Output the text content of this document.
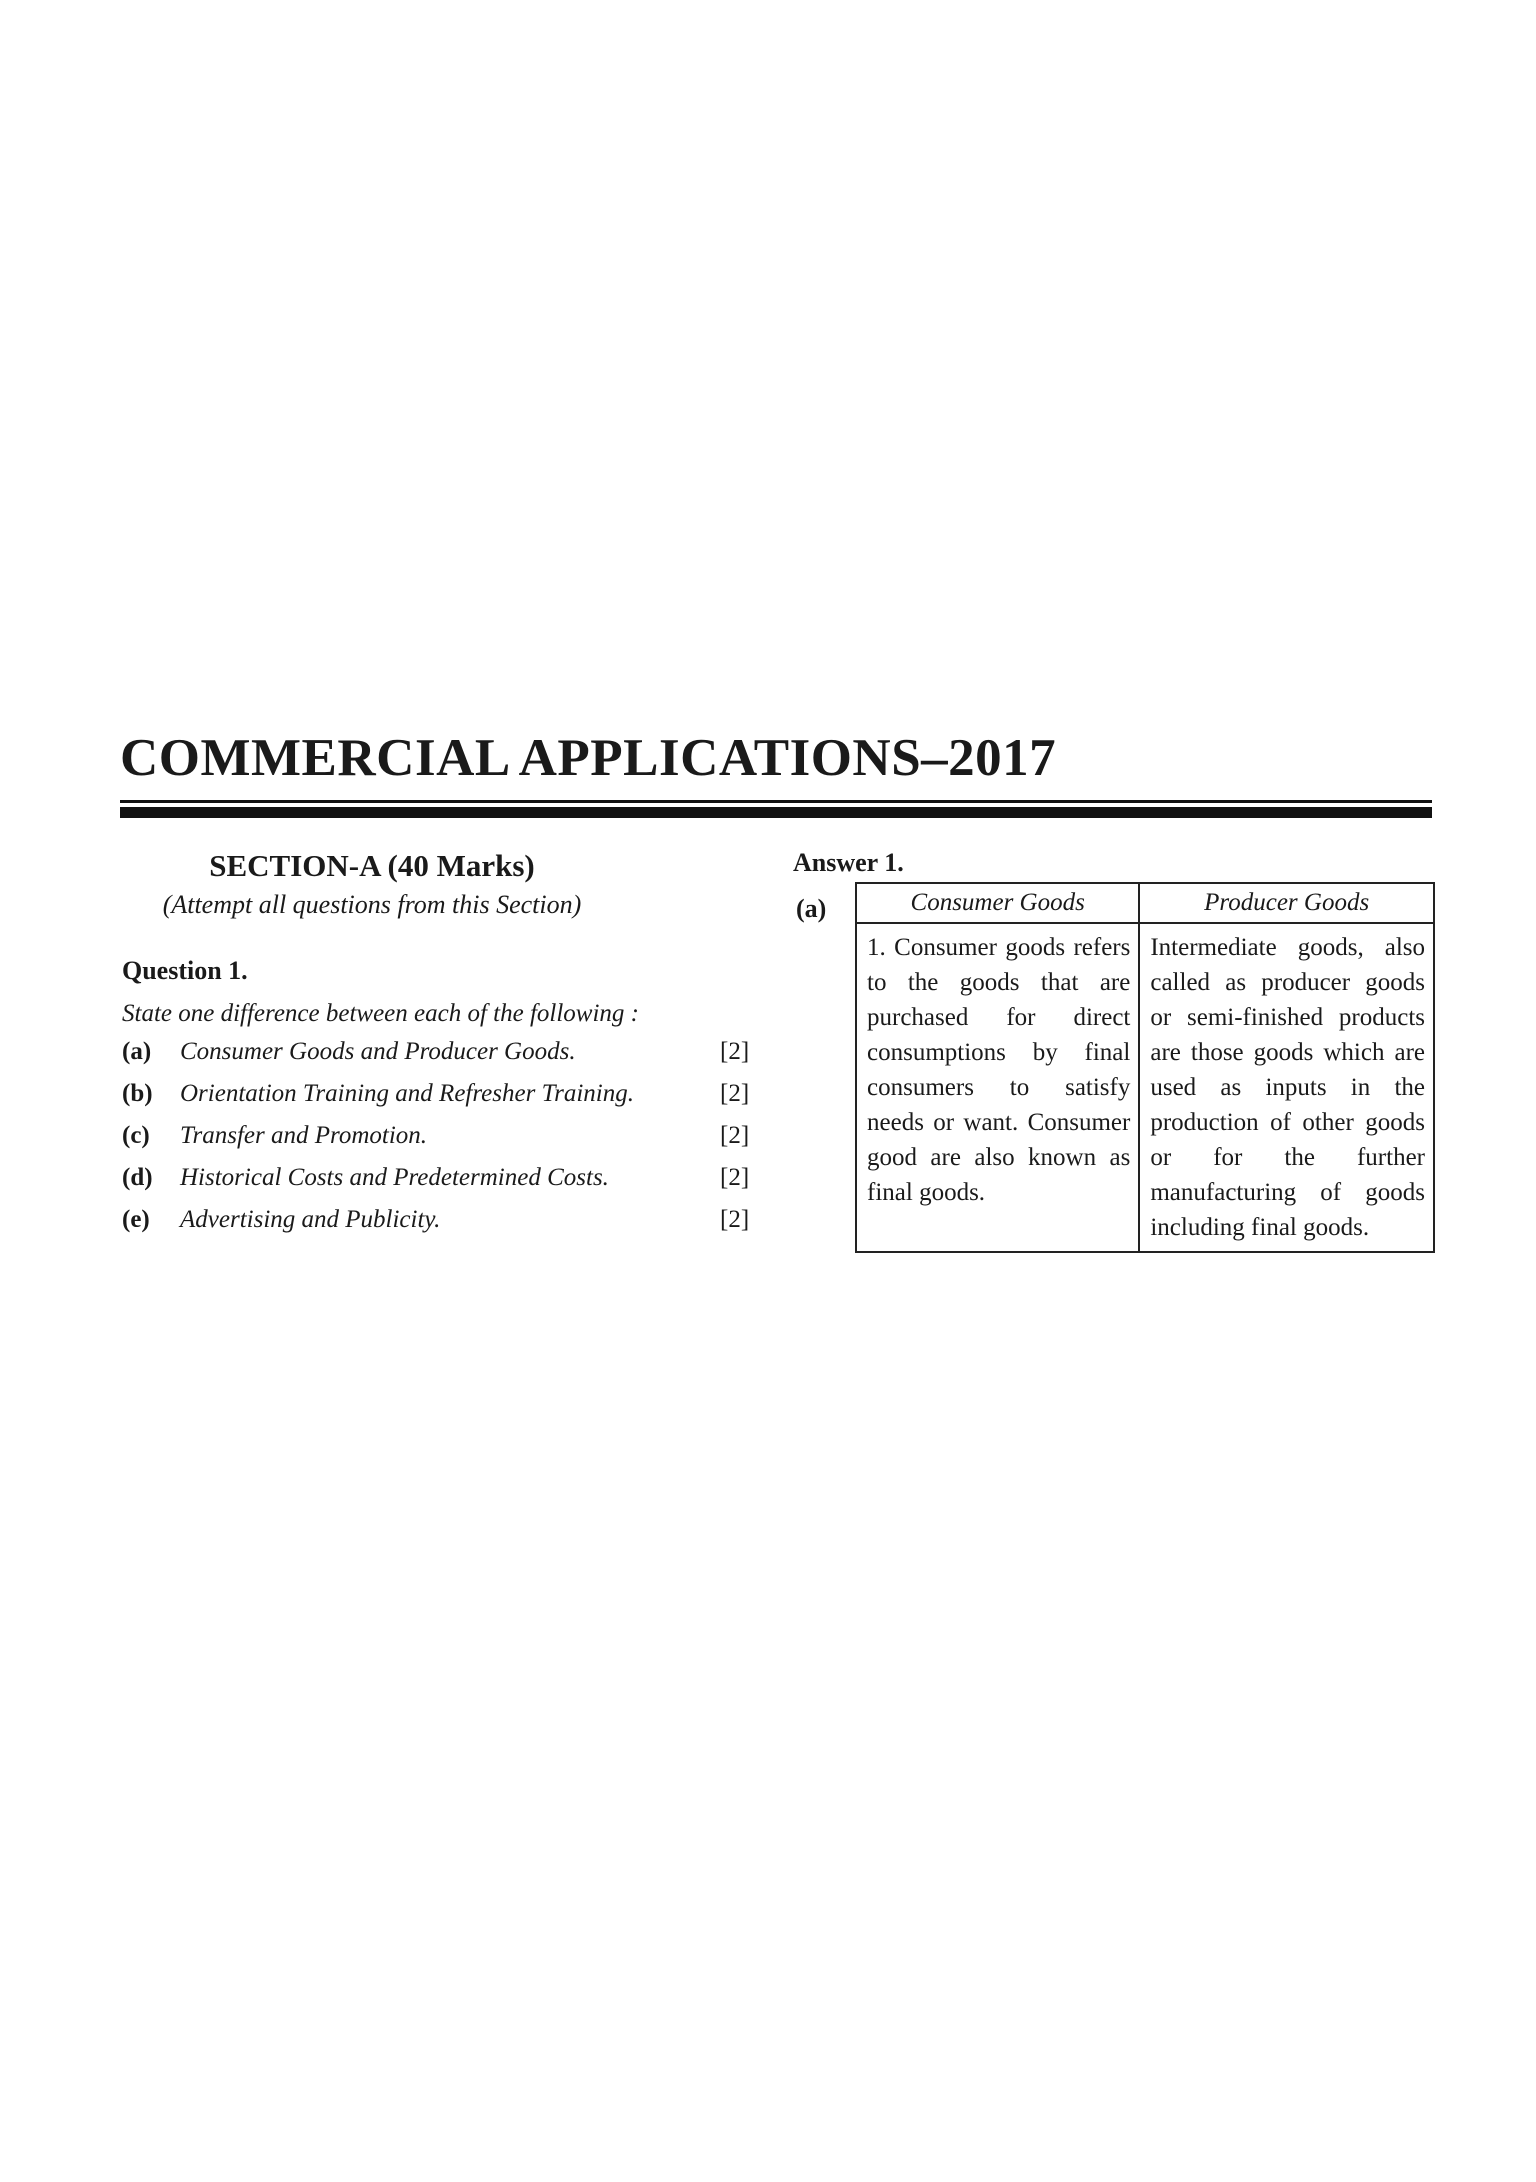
COMMERCIAL APPLICATIONS–2017
SECTION-A (40 Marks)
(Attempt all questions from this Section)
Question 1.
State one difference between each of the following :
(a)	Consumer Goods and Producer Goods.	[2]
(b)	Orientation Training and Refresher Training.	[2]
(c)	Transfer and Promotion.	[2]
(d)	Historical Costs and Predetermined Costs.	[2]
(e)	Advertising and Publicity.	[2]
Answer 1.
(a)	Consumer Goods	Producer Goods
1. Consumer goods refers to the goods that are purchased for direct consumptions by final consumers to satisfy needs or want. Consumer good are also known as final goods.	Intermediate goods, also called as producer goods or semi-finished products are those goods which are used as inputs in the production of other goods or for the further manufacturing of goods including final goods.
